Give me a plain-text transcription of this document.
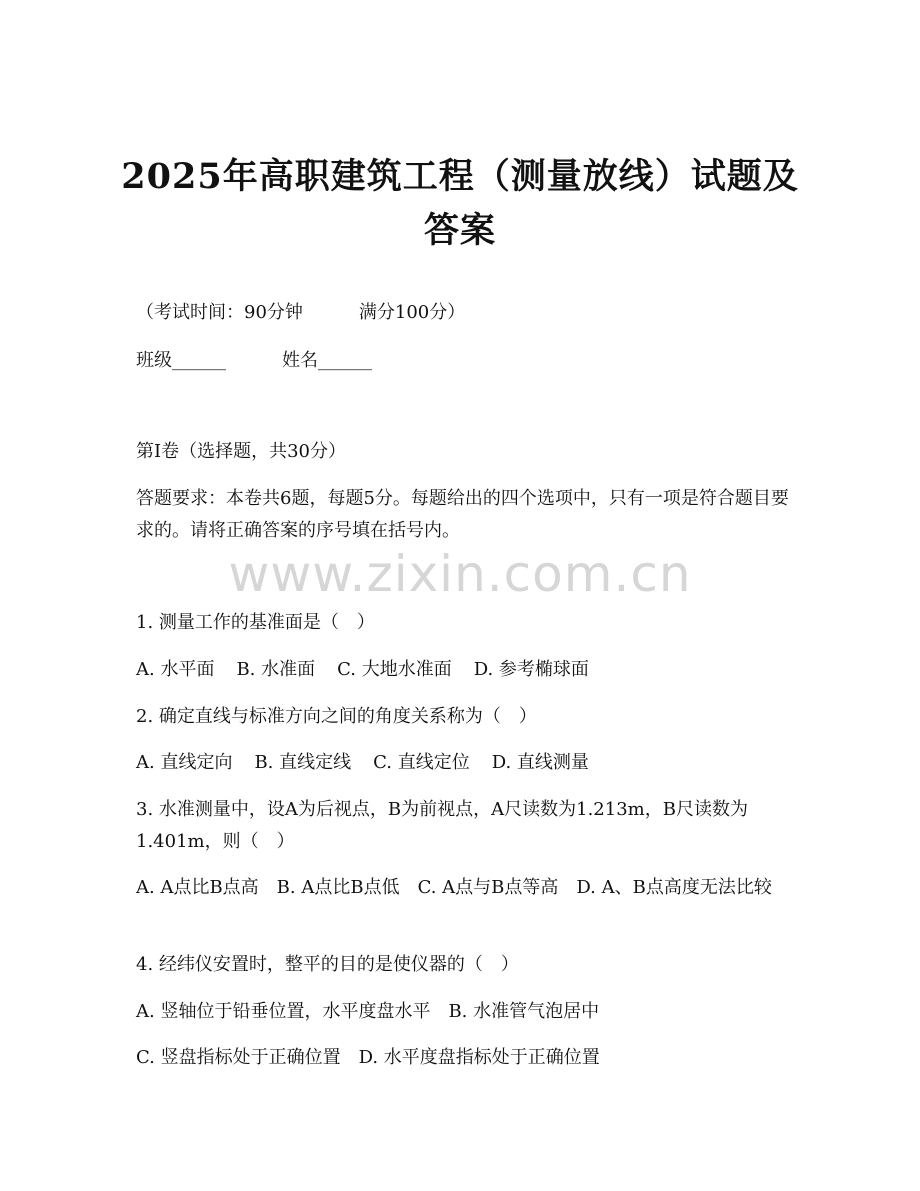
2025年高职建筑工程（测量放线）试题及答案
（考试时间：90分钟	满分100分）
班级______	姓名______
第I卷（选择题，共30分）
答题要求：本卷共6题，每题5分。每题给出的四个选项中，只有一项是符合题目要求的。请将正确答案的序号填在括号内。
www.zixin.com.cn
1. 测量工作的基准面是（　）
A. 水平面 B. 水准面 C. 大地水准面 D. 参考椭球面
2. 确定直线与标准方向之间的角度关系称为（　）
A. 直线定向 B. 直线定线 C. 直线定位 D. 直线测量
3. 水准测量中，设A为后视点，B为前视点，A尺读数为1.213m，B尺读数为1.401m，则（　）
A. A点比B点高　B. A点比B点低　C. A点与B点等高　D. A、B点高度无法比较
4. 经纬仪安置时，整平的目的是使仪器的（　）
A. 竖轴位于铅垂位置，水平度盘水平　B. 水准管气泡居中
C. 竖盘指标处于正确位置　D. 水平度盘指标处于正确位置
